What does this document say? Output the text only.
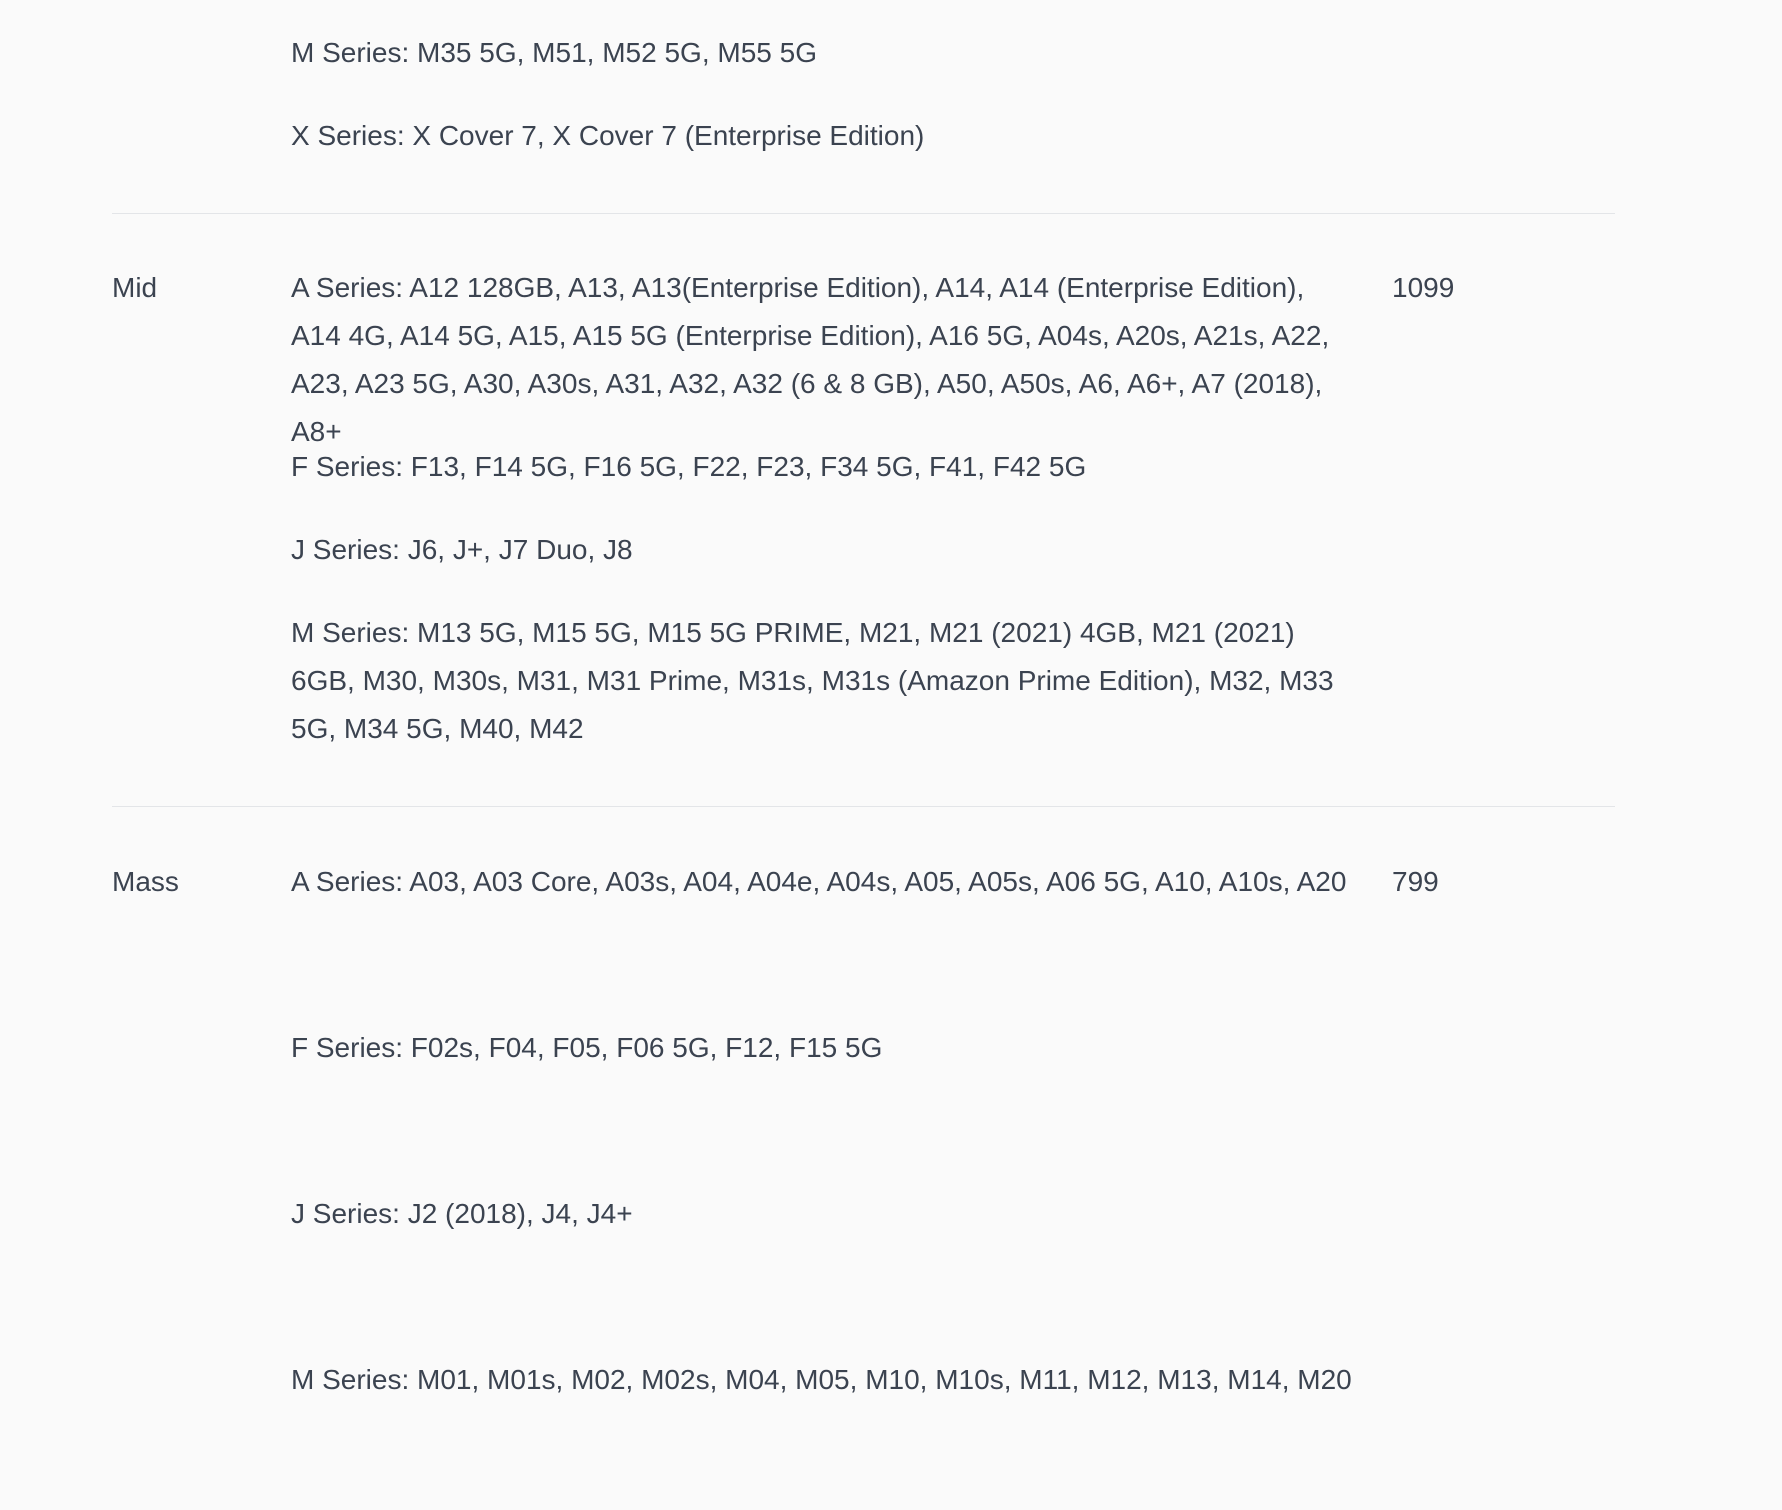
M Series: M35 5G, M51, M52 5G, M55 5G

X Series: X Cover 7, X Cover 7 (Enterprise Edition)

Mid	A Series: A12 128GB, A13, A13(Enterprise Edition), A14, A14 (Enterprise Edition), A14 4G, A14 5G, A15, A15 5G (Enterprise Edition), A16 5G, A04s, A20s, A21s, A22, A23, A23 5G, A30, A30s, A31, A32, A32 (6 & 8 GB), A50, A50s, A6, A6+, A7 (2018), A8+

1099

F Series: F13, F14 5G, F16 5G, F22, F23, F34 5G, F41, F42 5G

J Series: J6, J+, J7 Duo, J8

M Series: M13 5G, M15 5G, M15 5G PRIME, M21, M21 (2021) 4GB, M21 (2021) 6GB, M30, M30s, M31, M31 Prime, M31s, M31s (Amazon Prime Edition), M32, M33 5G, M34 5G, M40, M42

Mass	A Series: A03, A03 Core, A03s, A04, A04e, A04s, A05, A05s, A06 5G, A10, A10s, A20 799

F Series: F02s, F04, F05, F06 5G, F12, F15 5G

J Series: J2 (2018), J4, J4+

M Series: M01, M01s, M02, M02s, M04, M05, M10, M10s, M11, M12, M13, M14, M20
